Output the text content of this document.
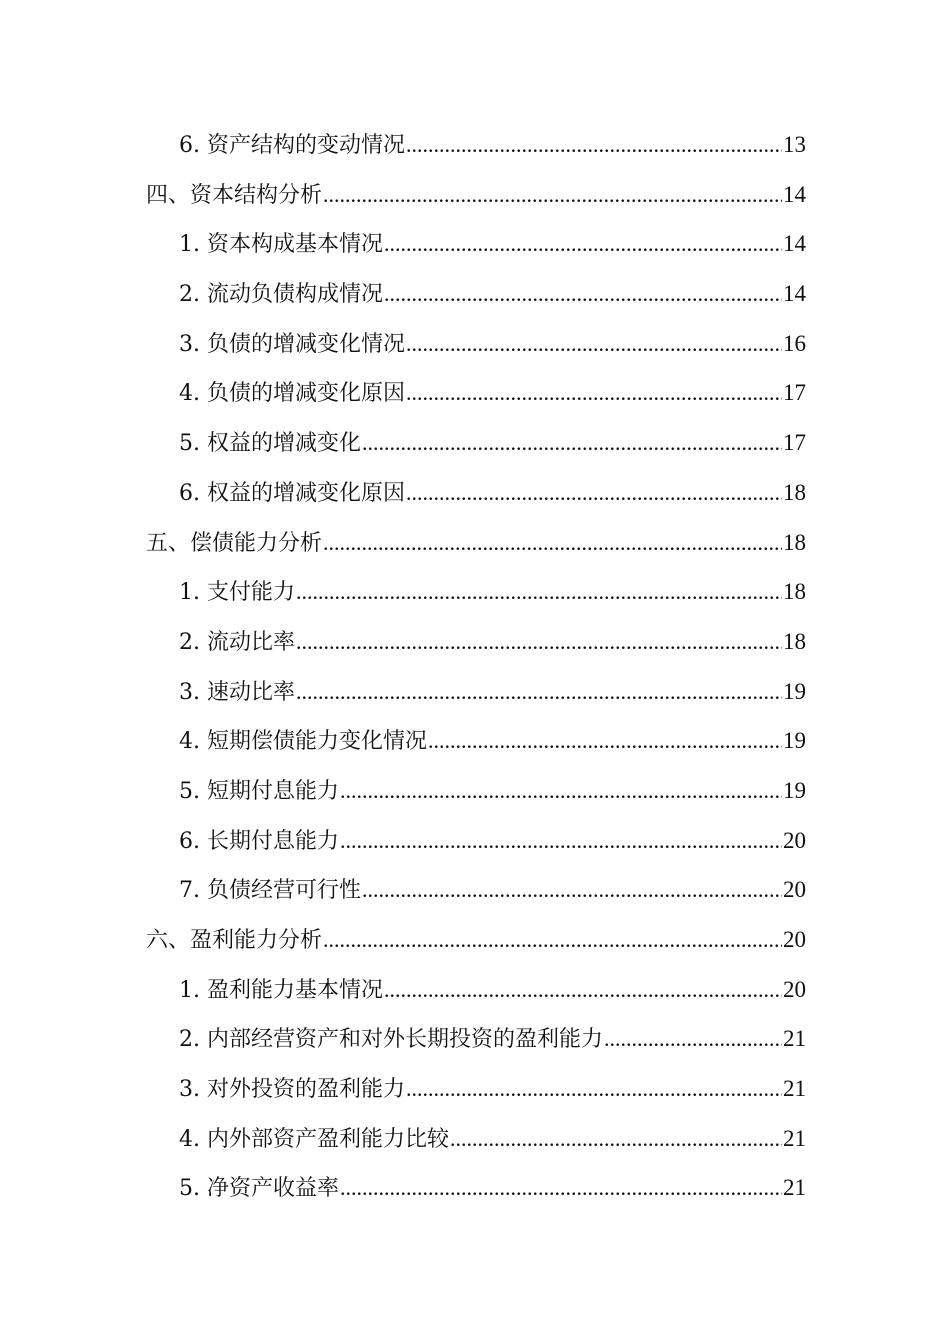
6. 资产结构的变动情况 .....	13
四、资本结构分析 .....	14
1. 资本构成基本情况 .....	14
2. 流动负债构成情况 .....	14
3. 负债的增减变化情况 .....	16
4. 负债的增减变化原因 .....	17
5. 权益的增减变化 .....	17
6. 权益的增减变化原因 .....	18
五、偿债能力分析 .....	18
1. 支付能力 .....	18
2. 流动比率 .....	18
3. 速动比率 .....	19
4. 短期偿债能力变化情况 .....	19
5. 短期付息能力 .....	19
6. 长期付息能力 .....	20
7. 负债经营可行性 .....	20
六、盈利能力分析 .....	20
1. 盈利能力基本情况 .....	20
2. 内部经营资产和对外长期投资的盈利能力 .....	21
3. 对外投资的盈利能力 .....	21
4. 内外部资产盈利能力比较 .....	21
5. 净资产收益率 .....	21
